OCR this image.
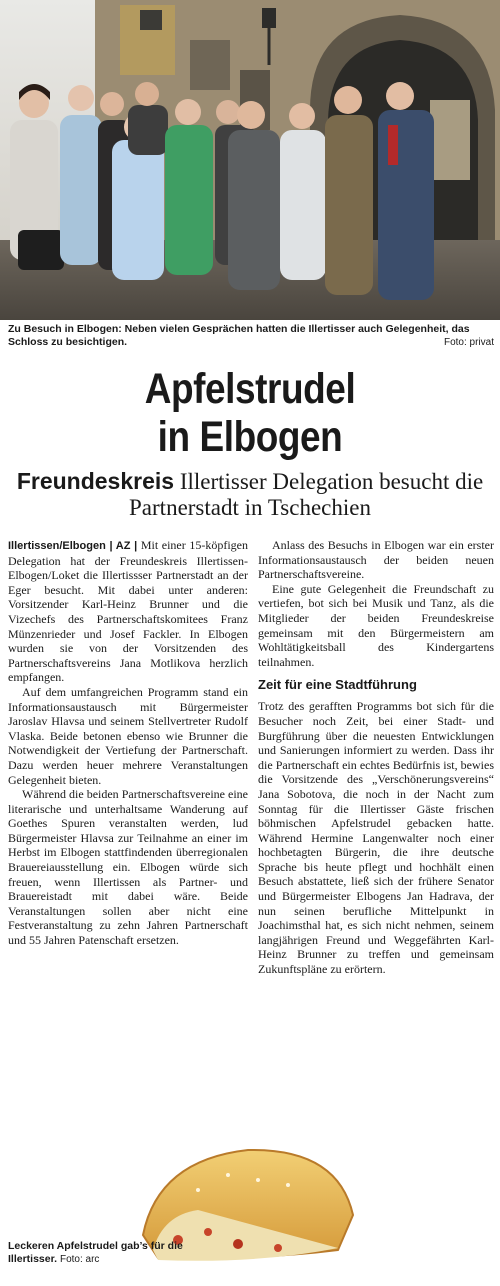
Zu Besuch in Elbogen: Neben vielen Gesprächen hatten die Illertisser auch Gelegenheit, das Schloss zu besichtigen.	Foto: privat
Apfelstrudel
in Elbogen
Freundeskreis Illertisser Delegation besucht die Partnerstadt in Tschechien

Illertissen/Elbogen | AZ | Mit einer 15-köpfigen Delegation hat der Freundeskreis Illertissen-Elbogen/Loket die Illertissser Partnerstadt an der Eger besucht. Mit dabei unter anderen: Vorsitzender Karl-Heinz Brunner und die Vizechefs des Partnerschaftskomitees Franz Münzenrieder und Josef Fackler. In Elbogen wurden sie von der Vorsitzenden des Partnerschaftsvereins Jana Motlikova herzlich empfangen.

Auf dem umfangreichen Programm stand ein Informationsaustausch mit Bürgermeister Jaroslav Hlavsa und seinem Stellvertreter Rudolf Vlaska. Beide betonen ebenso wie Brunner die Notwendigkeit der Vertiefung der Partnerschaft. Dazu werden heuer mehrere Veranstaltungen Gelegenheit bieten.

Während die beiden Partnerschaftsvereine eine literarische und unterhaltsame Wanderung auf Goethes Spuren veranstalten werden, lud Bürgermeister Hlavsa zur Teilnahme an einer im Herbst im Elbogen stattfindenden überregionalen Brauereiausstellung ein. Elbogen würde sich freuen, wenn Illertissen als Partner- und Brauereistadt mit dabei wäre. Beide Veranstaltungen sollen aber nicht eine Festveranstaltung zu zehn Jahren Partnerschaft und 55 Jahren Patenschaft ersetzen.

Anlass des Besuchs in Elbogen war ein erster Informationsaustausch der beiden neuen Partnerschaftsvereine.

Eine gute Gelegenheit die Freundschaft zu vertiefen, bot sich bei Musik und Tanz, als die Mitglieder der beiden Freundeskreise gemeinsam mit den Bürgermeistern am Wohltätigkeitsball des Kindergartens teilnahmen.

Zeit für eine Stadtführung

Trotz des gerafften Programms bot sich für die Besucher noch Zeit, bei einer Stadt- und Burgführung über die neuesten Entwicklungen und Sanierungen informiert zu werden. Dass ihr die Partnerschaft ein echtes Bedürfnis ist, bewies die Vorsitzende des „Verschönerungsvereins“ Jana Sobotova, die noch in der Nacht zum Sonntag für die Illertisser Gäste frischen böhmischen Apfelstrudel gebacken hatte. Während Hermine Langenwalter noch einer hochbetagten Bürgerin, die ihre deutsche Sprache bis heute pflegt und hochhält einen Besuch abstattete, ließ sich der frühere Senator und Bürgermeister Elbogens Jan Hadrava, der nun seinen berufliche Mittelpunkt in Joachimsthal hat, es sich nicht nehmen, seinem langjährigen Freund und Weggefährten Karl-Heinz Brunner zu treffen und gemeinsam Zukunftspläne zu erörtern.

Leckeren Apfelstrudel gab’s für die Illertisser. Foto: arc
